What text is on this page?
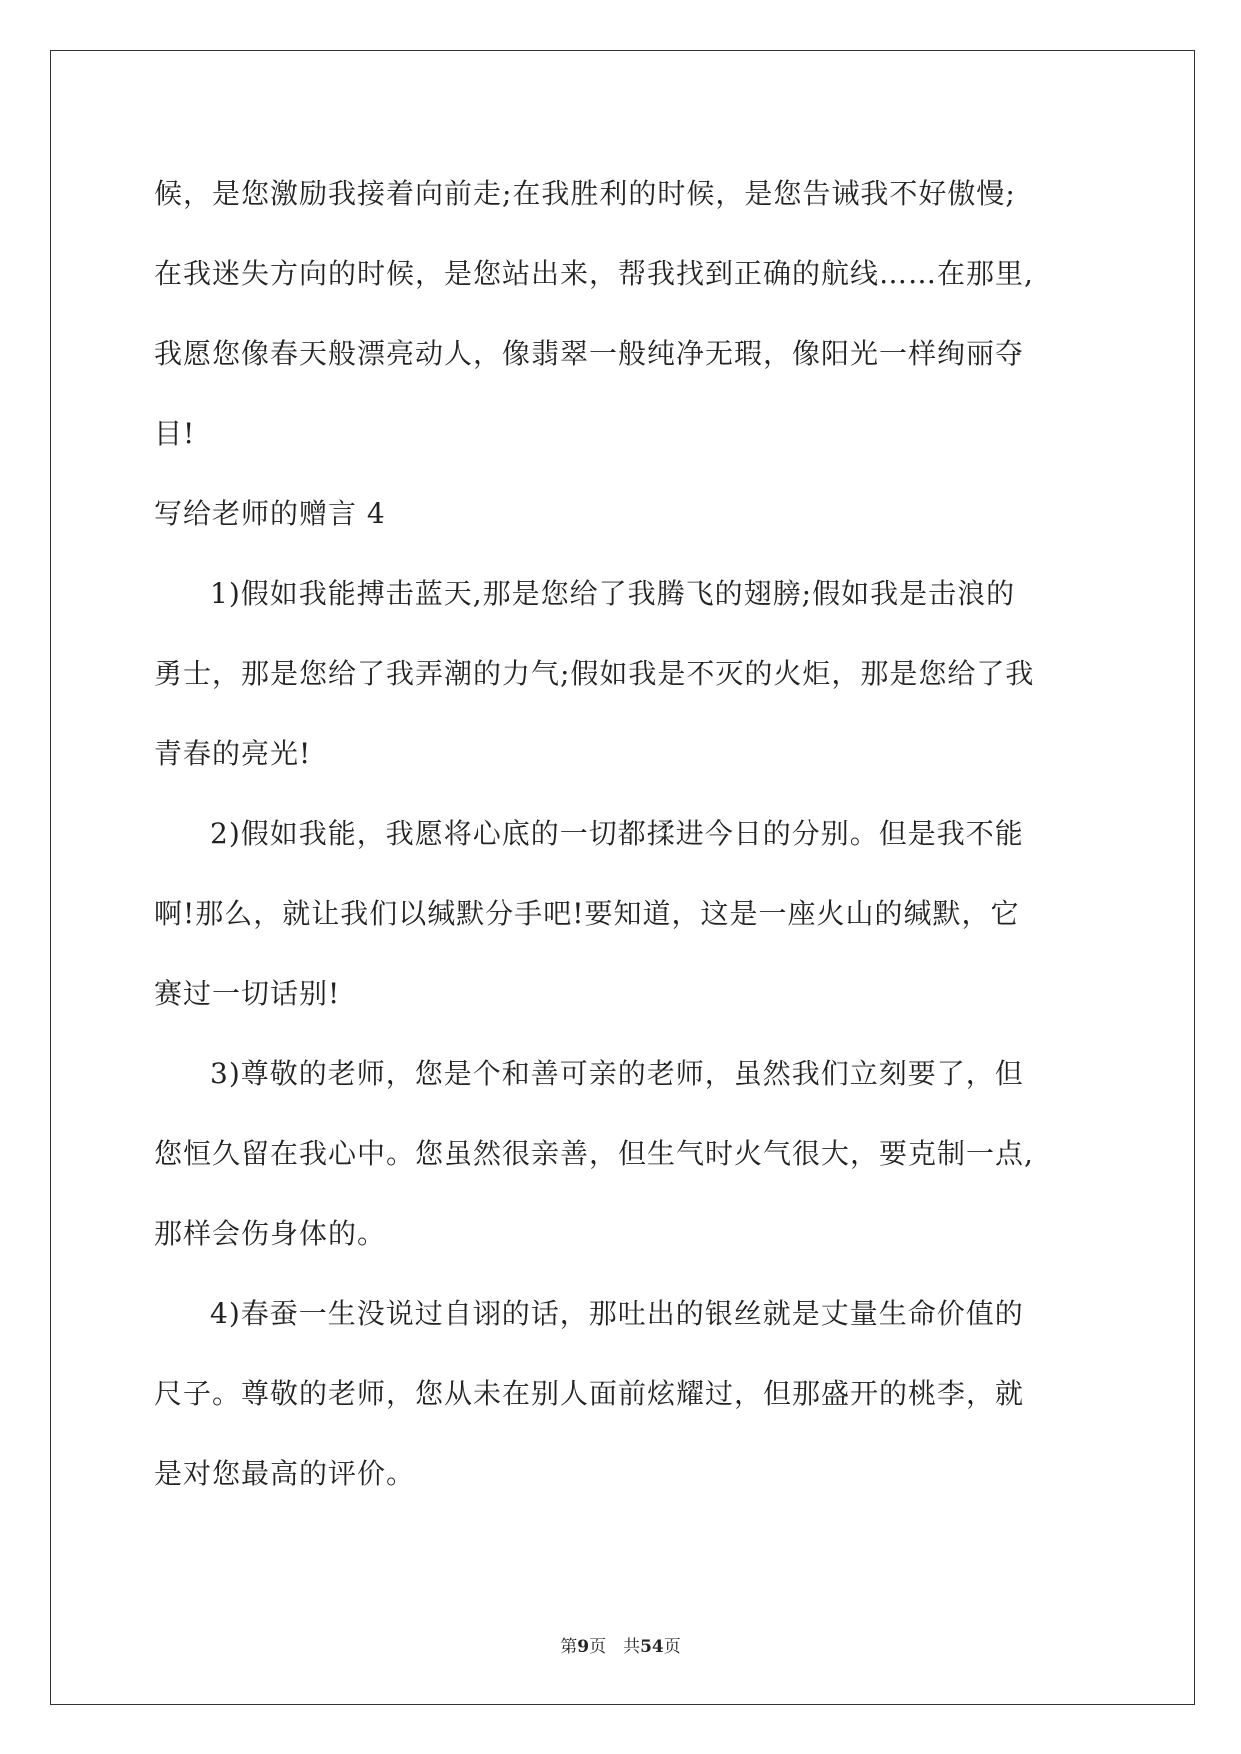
候，是您激励我接着向前走;在我胜利的时候，是您告诫我不好傲慢;
在我迷失方向的时候，是您站出来，帮我找到正确的航线……在那里,
我愿您像春天般漂亮动人，像翡翠一般纯净无瑕，像阳光一样绚丽夺
目!
写给老师的赠言 4
1)假如我能搏击蓝天,那是您给了我腾飞的翅膀;假如我是击浪的
勇士，那是您给了我弄潮的力气;假如我是不灭的火炬，那是您给了我
青春的亮光!
2)假如我能，我愿将心底的一切都揉进今日的分别。但是我不能
啊!那么，就让我们以缄默分手吧!要知道，这是一座火山的缄默，它
赛过一切话别!
3)尊敬的老师，您是个和善可亲的老师，虽然我们立刻要了，但
您恒久留在我心中。您虽然很亲善，但生气时火气很大，要克制一点,
那样会伤身体的。
4)春蚕一生没说过自诩的话，那吐出的银丝就是丈量生命价值的
尺子。尊敬的老师，您从未在别人面前炫耀过，但那盛开的桃李，就
是对您最高的评价。
第9页　共54页
